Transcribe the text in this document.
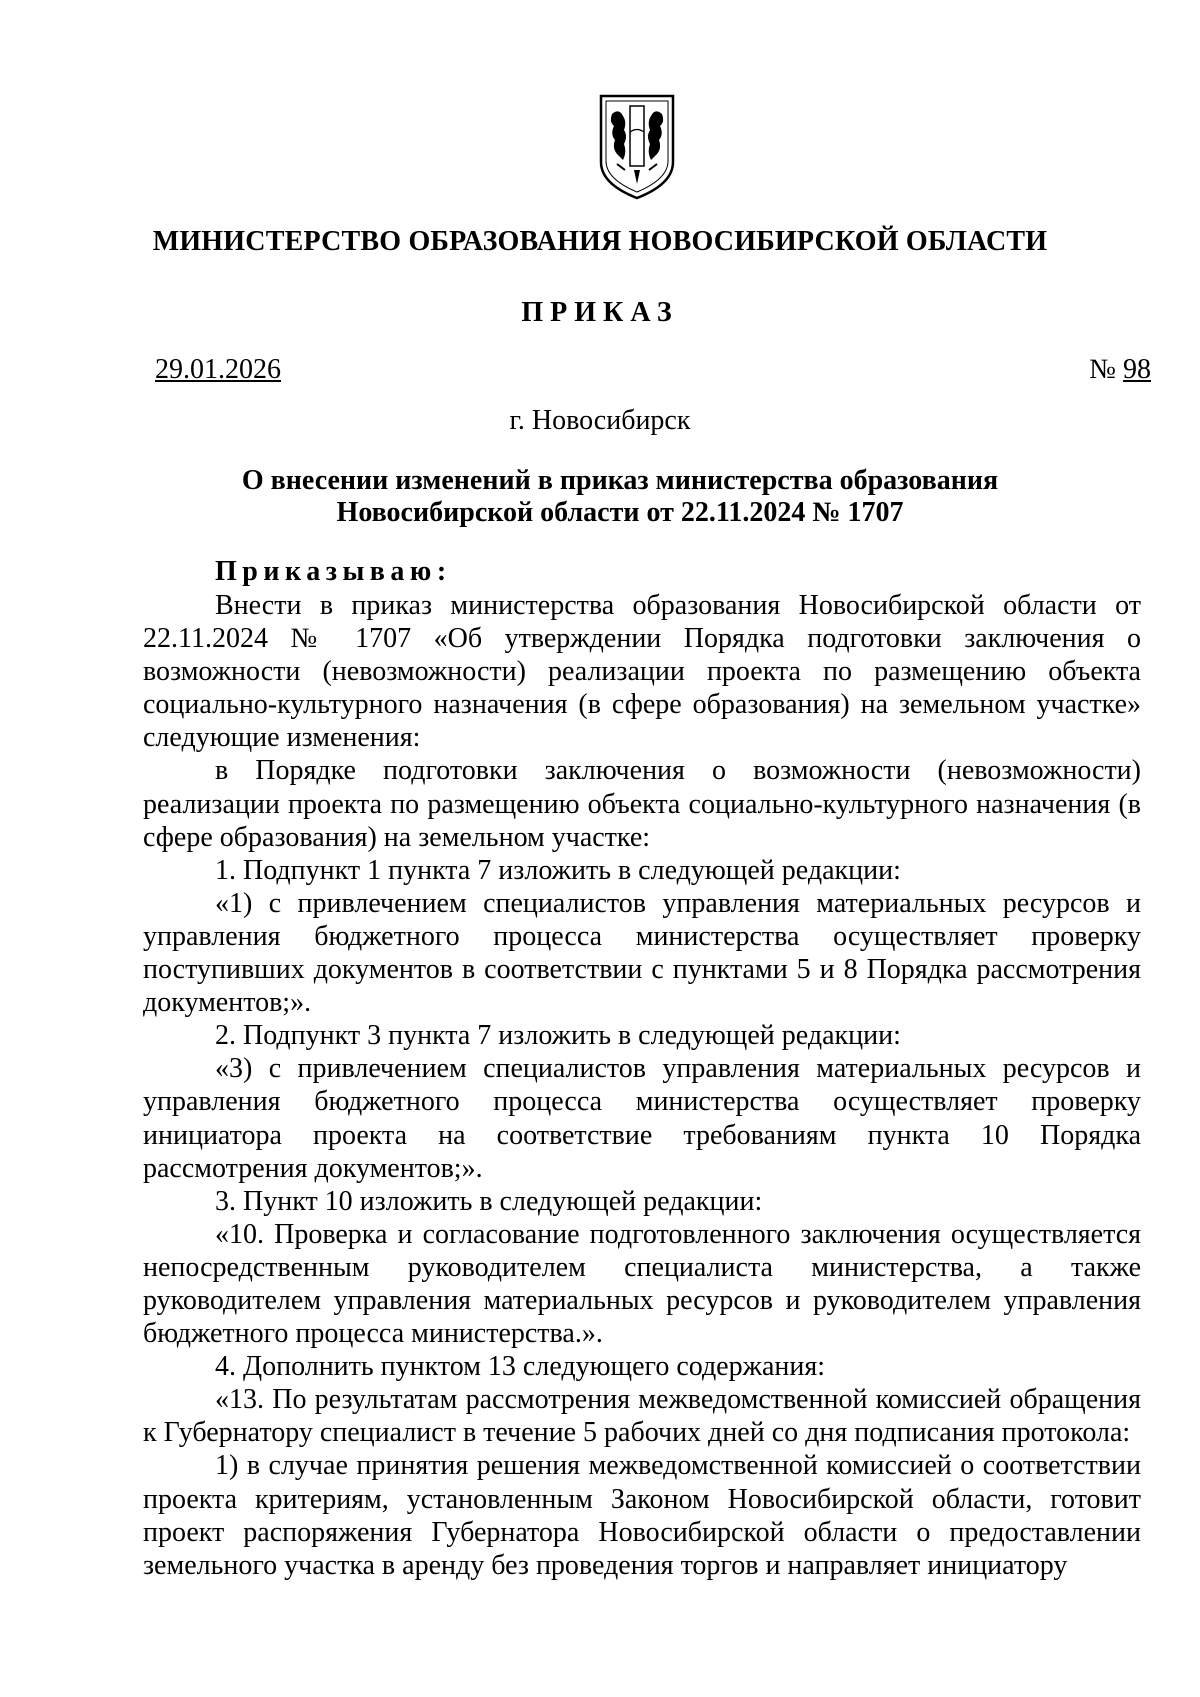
МИНИСТЕРСТВО ОБРАЗОВАНИЯ НОВОСИБИРСКОЙ ОБЛАСТИ
ПРИКАЗ
29.01.2026	№ 98
г. Новосибирск
О внесении изменений в приказ министерства образования
Новосибирской области от 22.11.2024 № 1707
Приказываю:

Внести в приказ министерства образования Новосибирской области от 22.11.2024 № 1707 «Об утверждении Порядка подготовки заключения о возможности (невозможности) реализации проекта по размещению объекта социально-культурного назначения (в сфере образования) на земельном участке» следующие изменения:

в Порядке подготовки заключения о возможности (невозможности) реализации проекта по размещению объекта социально-культурного назначения (в сфере образования) на земельном участке:

1. Подпункт 1 пункта 7 изложить в следующей редакции:

«1) с привлечением специалистов управления материальных ресурсов и управления бюджетного процесса министерства осуществляет проверку поступивших документов в соответствии с пунктами 5 и 8 Порядка рассмотрения документов;».

2. Подпункт 3 пункта 7 изложить в следующей редакции:

«3) с привлечением специалистов управления материальных ресурсов и управления бюджетного процесса министерства осуществляет проверку инициатора проекта на соответствие требованиям пункта 10 Порядка рассмотрения документов;».

3. Пункт 10 изложить в следующей редакции:

«10. Проверка и согласование подготовленного заключения осуществляется непосредственным руководителем специалиста министерства, а также руководителем управления материальных ресурсов и руководителем управления бюджетного процесса министерства.».

4. Дополнить пунктом 13 следующего содержания:

«13. По результатам рассмотрения межведомственной комиссией обращения к Губернатору специалист в течение 5 рабочих дней со дня подписания протокола:

1) в случае принятия решения межведомственной комиссией о соответствии проекта критериям, установленным Законом Новосибирской области, готовит проект распоряжения Губернатора Новосибирской области о предоставлении земельного участка в аренду без проведения торгов и направляет инициатору
